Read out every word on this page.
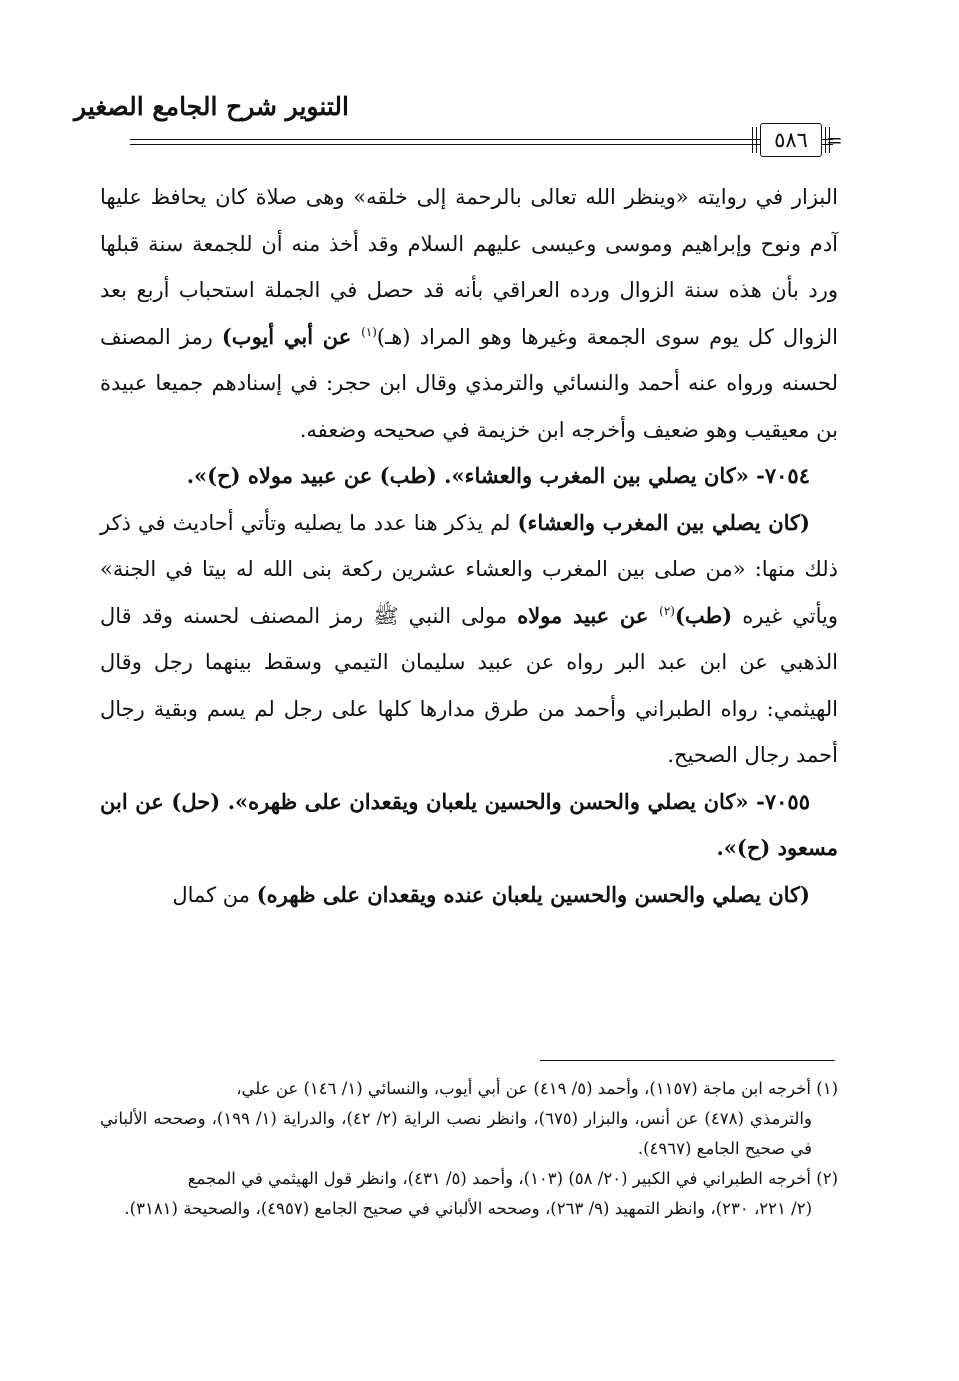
التنوير شرح الجامع الصغير
٥٨٦ =

البزار في روايته «وينظر الله تعالى بالرحمة إلى خلقه» وهى صلاة كان يحافظ عليها آدم ونوح وإبراهيم وموسى وعيسى عليهم السلام وقد أخذ منه أن للجمعة سنة قبلها ورد بأن هذه سنة الزوال ورده العراقي بأنه قد حصل في الجملة استحباب أربع بعد الزوال كل يوم سوى الجمعة وغيرها وهو المراد (هـ)$^{(١)}$ عن أبي أيوب) رمز المصنف لحسنه ورواه عنه أحمد والنسائي والترمذي وقال ابن حجر: في إسنادهم جميعا عبيدة بن معيقيب وهو ضعيف وأخرجه ابن خزيمة في صحيحه وضعفه.

٧٠٥٤- «كان يصلي بين المغرب والعشاء». (طب) عن عبيد مولاه (ح)».

(كان يصلي بين المغرب والعشاء) لم يذكر هنا عدد ما يصليه وتأتي أحاديث في ذكر ذلك منها: «من صلى بين المغرب والعشاء عشرين ركعة بنى الله له بيتا في الجنة» ويأتي غيره (طب)$^{(٢)}$ عن عبيد مولاه مولى النبي ﷺ رمز المصنف لحسنه وقد قال الذهبي عن ابن عبد البر رواه عن عبيد سليمان التيمي وسقط بينهما رجل وقال الهيثمي: رواه الطبراني وأحمد من طرق مدارها كلها على رجل لم يسم وبقية رجال أحمد رجال الصحيح.

٧٠٥٥- «كان يصلي والحسن والحسين يلعبان ويقعدان على ظهره». (حل) عن ابن مسعود (ح)».

(كان يصلي والحسن والحسين يلعبان عنده ويقعدان على ظهره) من كمال

(١) أخرجه ابن ماجة (١١٥٧)، وأحمد (٥/ ٤١٩) عن أبي أيوب، والنسائي (١/ ١٤٦) عن علي،
والترمذي (٤٧٨) عن أنس، والبزار (٦٧٥)، وانظر نصب الراية (٢/ ٤٢)، والدراية (١/ ١٩٩)، وصححه الألباني في صحيح الجامع (٤٩٦٧).

(٢) أخرجه الطبراني في الكبير (٢٠/ ٥٨) (١٠٣)، وأحمد (٥/ ٤٣١)، وانظر قول الهيثمي في المجمع
(٢/ ٢٢١، ٢٣٠)، وانظر التمهيد (٩/ ٢٦٣)، وصححه الألباني في صحيح الجامع (٤٩٥٧)، والصحيحة (٣١٨١).
